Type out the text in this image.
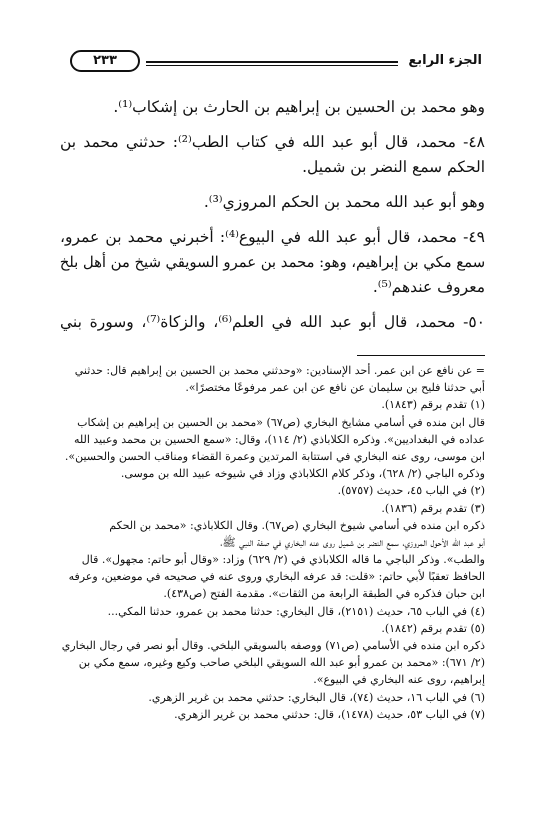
الجزء الرابع
٢٣٣
وهو محمد بن الحسين بن إبراهيم بن الحارث بن إشكاب⁽¹⁾.
٤٨- محمد، قال أبو عبد الله في كتاب الطب⁽²⁾: حدثني محمد بن
الحكم سمع النضر بن شميل.
وهو أبو عبد الله محمد بن الحكم المروزي⁽³⁾.
٤٩- محمد، قال أبو عبد الله في البيوع⁽⁴⁾: أخبرني محمد بن عمرو،
سمع مكي بن إبراهيم، وهو: محمد بن عمرو السويقي شيخ من أهل بلخ
معروف عندهم⁽⁵⁾.
٥٠- محمد، قال أبو عبد الله في العلم⁽⁶⁾، والزكاة⁽⁷⁾، وسورة بني
= عن نافع عن ابن عمر. أحد الإسنادين: «وحدثني محمد بن الحسين بن إبراهيم قال: حدثني
أبي حدثنا فليح بن سليمان عن نافع عن ابن عمر مرفوعًا مختصرًا».
(١) تقدم برقم (١٨٤٣).
قال ابن منده في أسامي مشايخ البخاري (ص٦٧) «محمد بن الحسين بن إبراهيم بن إشكاب
عداده في البغداديين». وذكره الكلاباذي (٢/ ١١٤)، وقال: «سمع الحسين بن محمد وعبيد الله
ابن موسى، روى عنه البخاري في استتابة المرتدين وعمرة القضاء ومناقب الحسن والحسين».
وذكره الباجي (٢/ ٦٢٨)، وذكر كلام الكلاباذي وزاد في شيوخه عبيد الله بن موسى.
(٢) في الباب ٤٥، حديث (٥٧٥٧).
(٣) تقدم برقم (١٨٣٦).
ذكره ابن منده في أسامي شيوخ البخاري (ص٦٧). وقال الكلاباذي: «محمد بن الحكم
أبو عبد الله الأحول المروزي، سمع النضر بن شميل روى عنه البخاري في صفة النبي ﷺ،
والطب». وذكر الباجي ما قاله الكلاباذي في (٢/ ٦٢٩) وزاد: «وقال أبو حاتم: مجهول». قال
الحافظ تعقبًا لأبي حاتم: «قلت: قد عرفه البخاري وروى عنه في صحيحه في موضعين، وعرفه
ابن حبان فذكره في الطبقة الرابعة من الثقات». مقدمة الفتح (ص٤٣٨).
(٤) في الباب ٦٥، حديث (٢١٥١)، قال البخاري: حدثنا محمد بن عمرو، حدثنا المكي...
(٥) تقدم برقم (١٨٤٢).
ذكره ابن منده في الأسامي (ص٧١) ووصفه بالسويقي البلخي. وقال أبو نصر في رجال البخاري
(٢/ ٦٧١): «محمد بن عمرو أبو عبد الله السويقي البلخي صاحب وكيع وغيره، سمع مكي بن
إبراهيم، روى عنه البخاري في البيوع».
(٦) في الباب ١٦، حديث (٧٤)، قال البخاري: حدثني محمد بن غرير الزهري.
(٧) في الباب ٥٣، حديث (١٤٧٨)، قال: حدثني محمد بن غرير الزهري.
